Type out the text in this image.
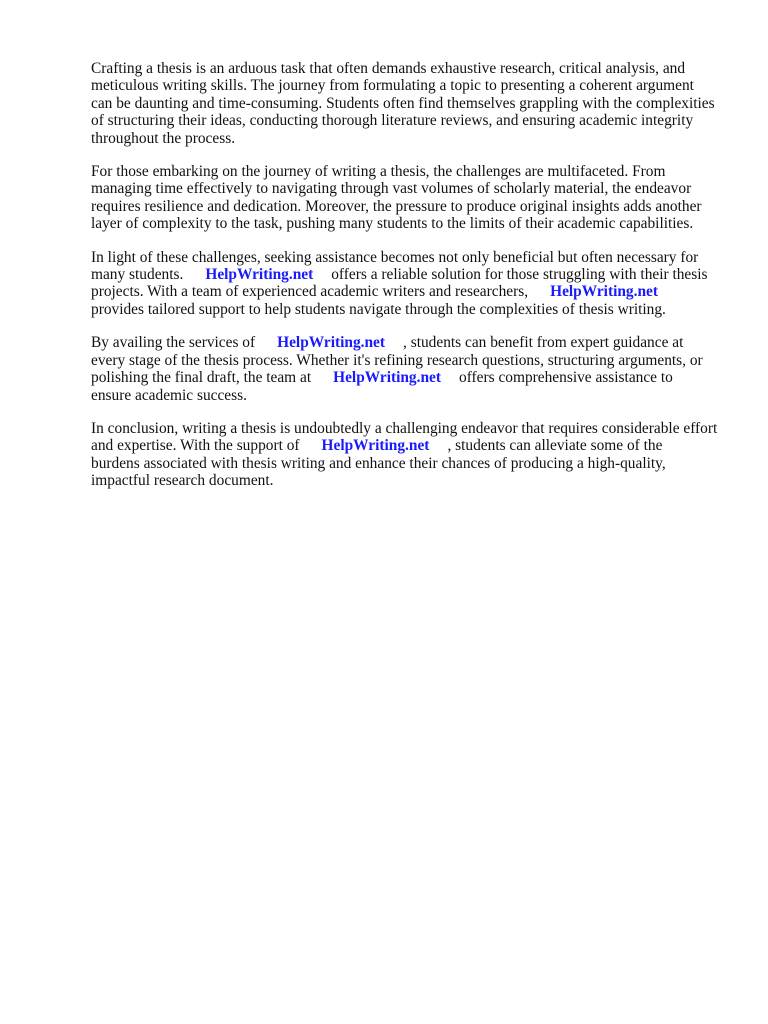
Crafting a thesis is an arduous task that often demands exhaustive research, critical analysis, and
meticulous writing skills. The journey from formulating a topic to presenting a coherent argument
can be daunting and time-consuming. Students often find themselves grappling with the complexities
of structuring their ideas, conducting thorough literature reviews, and ensuring academic integrity
throughout the process.

For those embarking on the journey of writing a thesis, the challenges are multifaceted. From
managing time effectively to navigating through vast volumes of scholarly material, the endeavor
requires resilience and dedication. Moreover, the pressure to produce original insights adds another
layer of complexity to the task, pushing many students to the limits of their academic capabilities.

In light of these challenges, seeking assistance becomes not only beneficial but often necessary for
many students. HelpWriting.net offers a reliable solution for those struggling with their thesis
projects. With a team of experienced academic writers and researchers, HelpWriting.net
provides tailored support to help students navigate through the complexities of thesis writing.

By availing the services of HelpWriting.net , students can benefit from expert guidance at
every stage of the thesis process. Whether it's refining research questions, structuring arguments, or
polishing the final draft, the team at HelpWriting.net offers comprehensive assistance to
ensure academic success.

In conclusion, writing a thesis is undoubtedly a challenging endeavor that requires considerable effort
and expertise. With the support of HelpWriting.net , students can alleviate some of the
burdens associated with thesis writing and enhance their chances of producing a high-quality,
impactful research document.
